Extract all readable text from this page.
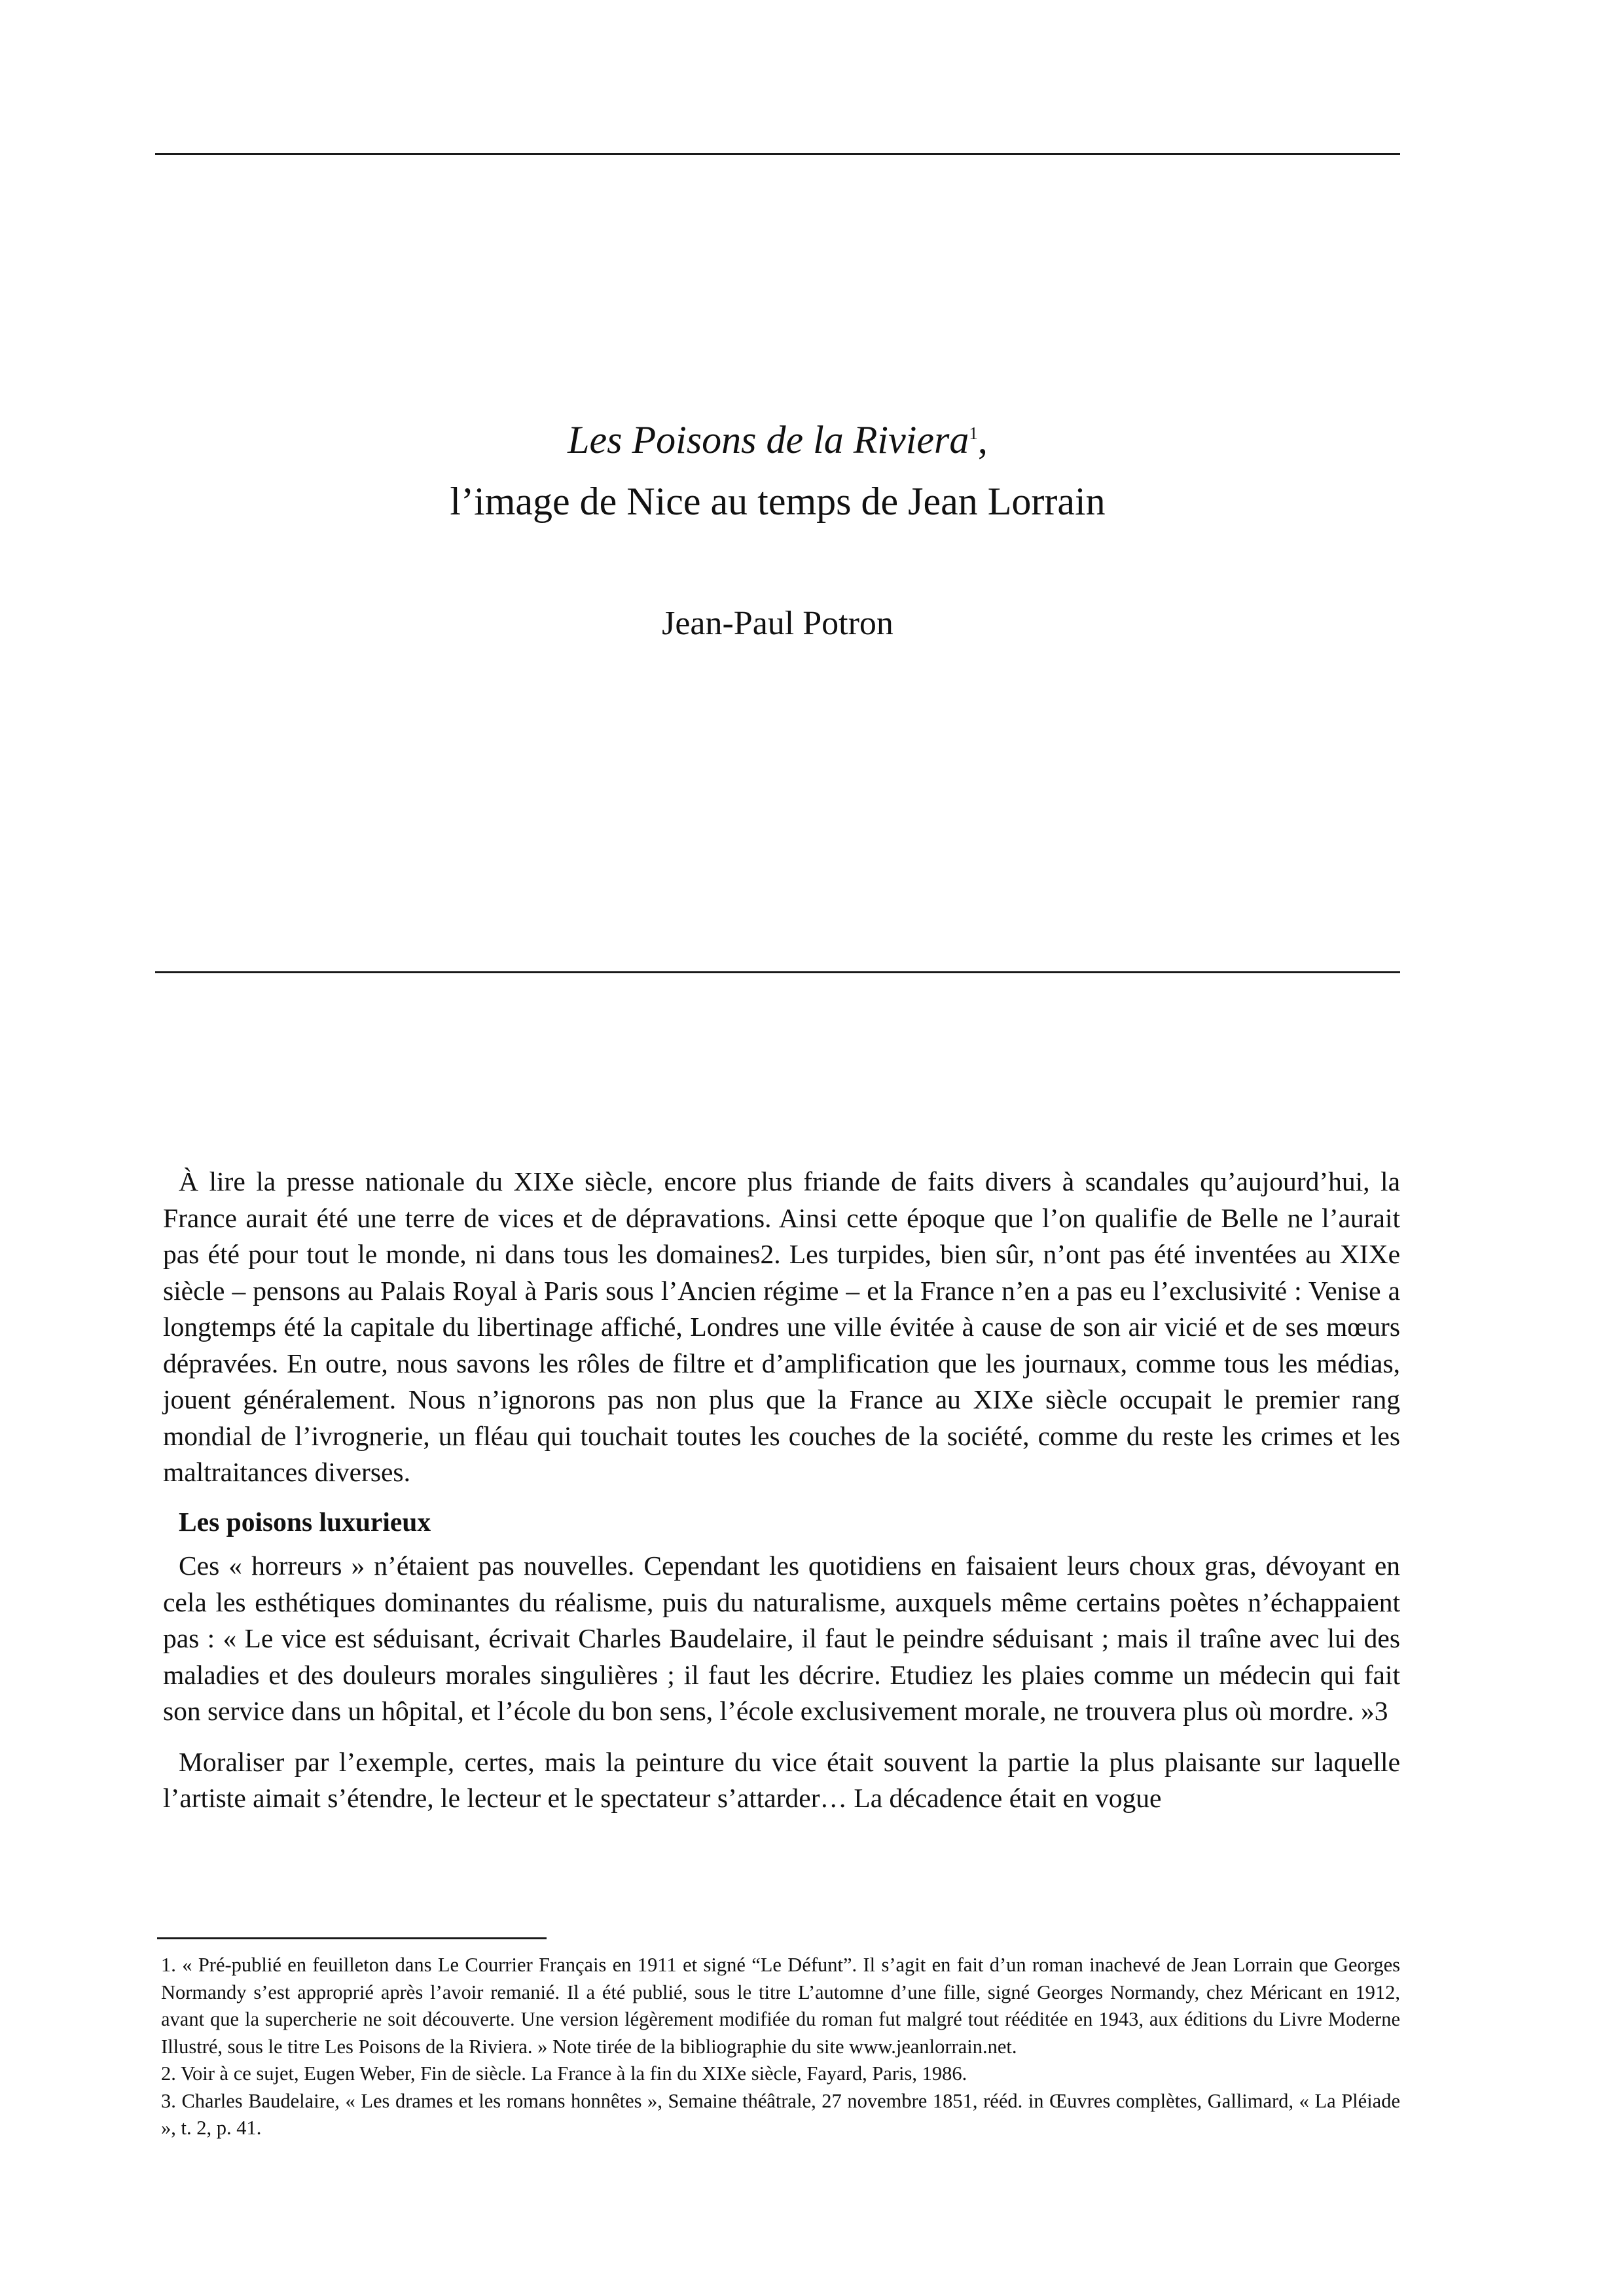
Les Poisons de la Riviera$^1$,

l’image de Nice au temps de Jean Lorrain

Jean-Paul Potron

À lire la presse nationale du XIXe siècle, encore plus friande de faits divers à scandales qu’aujourd’hui, la France aurait été une terre de vices et de dépravations. Ainsi cette époque que l’on qualifie de Belle ne l’aurait pas été pour tout le monde, ni dans tous les domaines2. Les turpides, bien sûr, n’ont pas été inventées au XIXe siècle – pensons au Palais Royal à Paris sous l’Ancien régime – et la France n’en a pas eu l’exclusivité : Venise a longtemps été la capitale du libertinage affiché, Londres une ville évitée à cause de son air vicié et de ses mœurs dépravées. En outre, nous savons les rôles de filtre et d’amplification que les journaux, comme tous les médias, jouent généralement. Nous n’ignorons pas non plus que la France au XIXe siècle occupait le premier rang mondial de l’ivrognerie, un fléau qui touchait toutes les couches de la société, comme du reste les crimes et les maltraitances diverses.

Les poisons luxurieux

Ces « horreurs » n’étaient pas nouvelles. Cependant les quotidiens en faisaient leurs choux gras, dévoyant en cela les esthétiques dominantes du réalisme, puis du naturalisme, auxquels même certains poètes n’échappaient pas : « Le vice est séduisant, écrivait Charles Baudelaire, il faut le peindre séduisant ; mais il traîne avec lui des maladies et des douleurs morales singulières ; il faut les décrire. Etudiez les plaies comme un médecin qui fait son service dans un hôpital, et l’école du bon sens, l’école exclusivement morale, ne trouvera plus où mordre. »3

Moraliser par l’exemple, certes, mais la peinture du vice était souvent la partie la plus plaisante sur laquelle l’artiste aimait s’étendre, le lecteur et le spectateur s’attarder… La décadence était en vogue

1. « Pré-publié en feuilleton dans Le Courrier Français en 1911 et signé “Le Défunt”. Il s’agit en fait d’un roman inachevé de Jean Lorrain que Georges Normandy s’est approprié après l’avoir remanié. Il a été publié, sous le titre L’automne d’une fille, signé Georges Normandy, chez Méricant en 1912, avant que la supercherie ne soit découverte. Une version légèrement modifiée du roman fut malgré tout rééditée en 1943, aux éditions du Livre Moderne Illustré, sous le titre Les Poisons de la Riviera. » Note tirée de la bibliographie du site www.jeanlorrain.net.

2. Voir à ce sujet, Eugen Weber, Fin de siècle. La France à la fin du XIXe siècle, Fayard, Paris, 1986.

3. Charles Baudelaire, « Les drames et les romans honnêtes », Semaine théâtrale, 27 novembre 1851, rééd. in Œuvres complètes, Gallimard, « La Pléiade », t. 2, p. 41.
